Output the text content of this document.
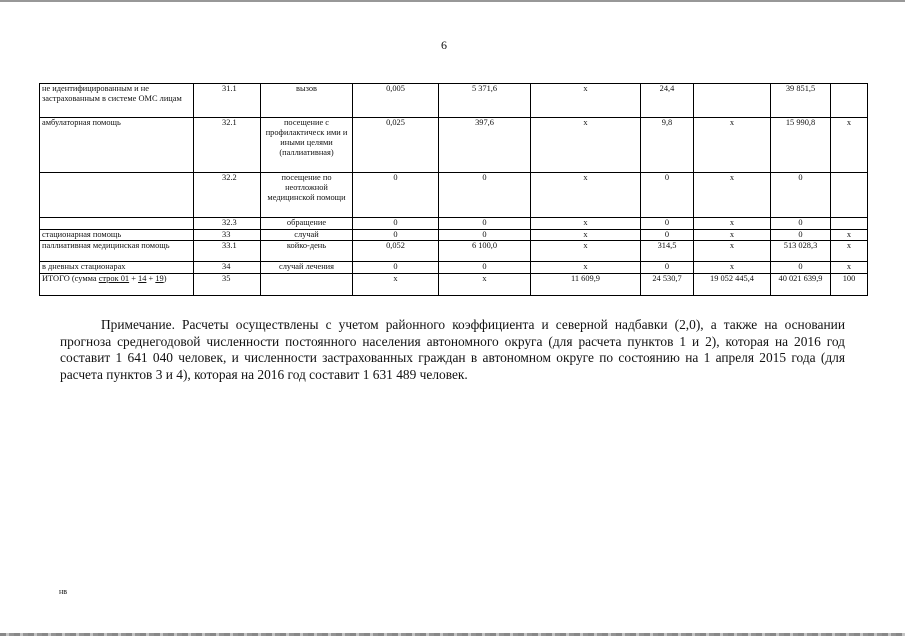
6
не идентифицированным и не застрахованным в системе ОМС лицам	31.1	вызов	0,005	5 371,6	х	24,4		39 851,5	
амбулаторная помощь	32.1	посещение с профилактическ ими и иными целями (паллиативная)	0,025	397,6	х	9,8	х	15 990,8	х
	32.2	посещение по неотложной медицинской помощи	0	0	х	0	х	0	
	32.3	обращение	0	0	х	0	х	0	
стационарная помощь	33	случай	0	0	х	0	х	0	х
паллиативная медицинская помощь	33.1	койко-день	0,052	6 100,0	х	314,5	х	513 028,3	х
в дневных стационарах	34	случай лечения	0	0	х	0	х	0	х
ИТОГО (сумма строк 01 + 14 + 19)	35		х	х	11 609,9	24 530,7	19 052 445,4	40 021 639,9	100

Примечание. Расчеты осуществлены с учетом районного коэффициента и северной надбавки (2,0), а также на основании прогноза среднегодовой численности постоянного населения автономного округа (для расчета пунктов 1 и 2), которая на 2016 год составит 1 641 040 человек, и численности застрахованных граждан в автономном округе по состоянию на 1 апреля 2015 года (для расчета пунктов 3 и 4), которая на 2016 год составит 1 631 489 человек.

нв
